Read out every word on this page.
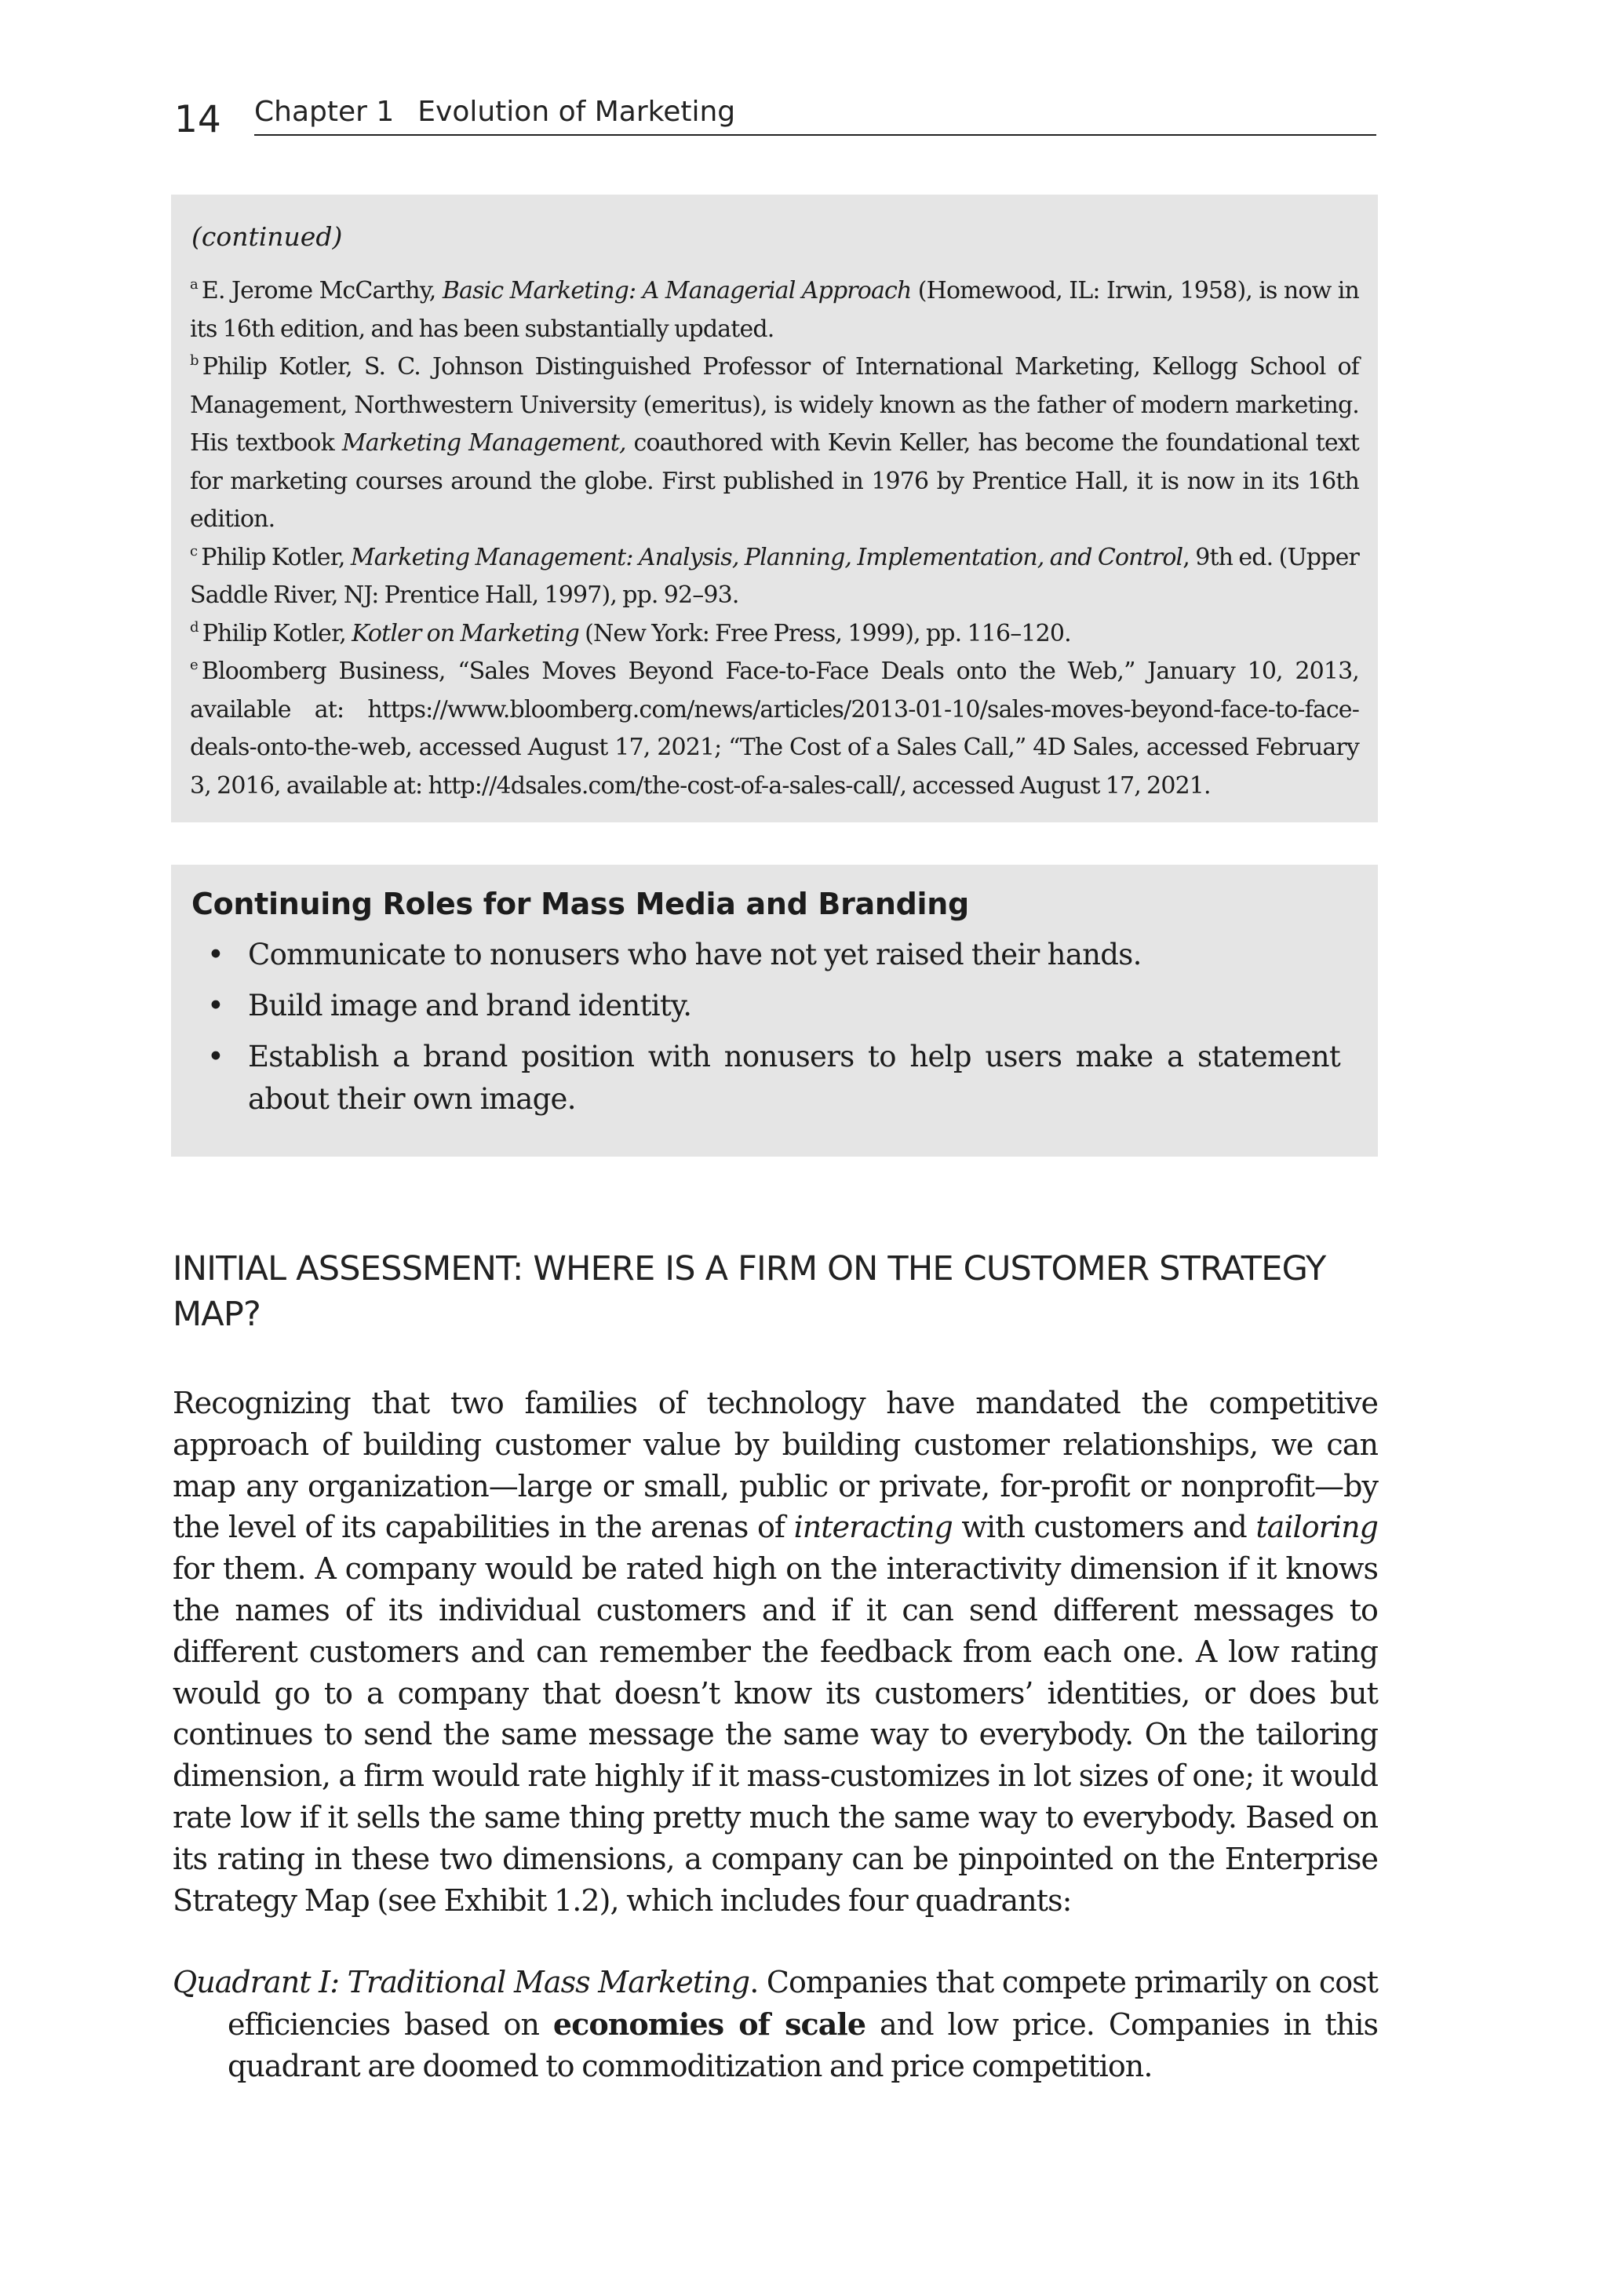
14 Chapter 1 Evolution of Marketing

(continued)

$^a$ E. Jerome McCarthy, Basic Marketing: A Managerial Approach (Homewood, IL: Irwin, 1958), is now in its 16th edition, and has been substantially updated.

$^b$ Philip Kotler, S. C. Johnson Distinguished Professor of International Marketing, Kellogg School of Management, Northwestern University (emeritus), is widely known as the father of modern marketing. His textbook Marketing Management, coauthored with Kevin Keller, has become the foundational text for marketing courses around the globe. First published in 1976 by Prentice Hall, it is now in its 16th edition.

$^c$ Philip Kotler, Marketing Management: Analysis, Planning, Implementation, and Control, 9th ed. (Upper Saddle River, NJ: Prentice Hall, 1997), pp. 92–93.

$^d$ Philip Kotler, Kotler on Marketing (New York: Free Press, 1999), pp. 116–120.

$^e$ Bloomberg Business, “Sales Moves Beyond Face-to-Face Deals onto the Web,” January 10, 2013, available at: https://www.bloomberg.com/news/articles/2013-01-10/sales-moves-beyond-face-to-face-deals-onto-the-web, accessed August 17, 2021; “The Cost of a Sales Call,” 4D Sales, accessed February 3, 2016, available at: http://4dsales.com/the-cost-of-a-sales-call/, accessed August 17, 2021.

Continuing Roles for Mass Media and Branding
• Communicate to nonusers who have not yet raised their hands.
• Build image and brand identity.
• Establish a brand position with nonusers to help users make a statement about their own image.
INITIAL ASSESSMENT: WHERE IS A FIRM ON THE CUSTOMER STRATEGY MAP?

Recognizing that two families of technology have mandated the competitive approach of building customer value by building customer relationships, we can map any organization—large or small, public or private, for-profit or nonprofit—by the level of its capabilities in the arenas of interacting with customers and tailoring for them. A company would be rated high on the interactivity dimension if it knows the names of its individual customers and if it can send different messages to different customers and can remember the feedback from each one. A low rating would go to a company that doesn’t know its customers’ identities, or does but continues to send the same message the same way to everybody. On the tailoring dimension, a firm would rate highly if it mass-customizes in lot sizes of one; it would rate low if it sells the same thing pretty much the same way to everybody. Based on its rating in these two dimensions, a company can be pinpointed on the Enterprise Strategy Map (see Exhibit 1.2), which includes four quadrants:

Quadrant I: Traditional Mass Marketing. Companies that compete primarily on cost efficiencies based on economies of scale and low price. Companies in this quadrant are doomed to commoditization and price competition.
